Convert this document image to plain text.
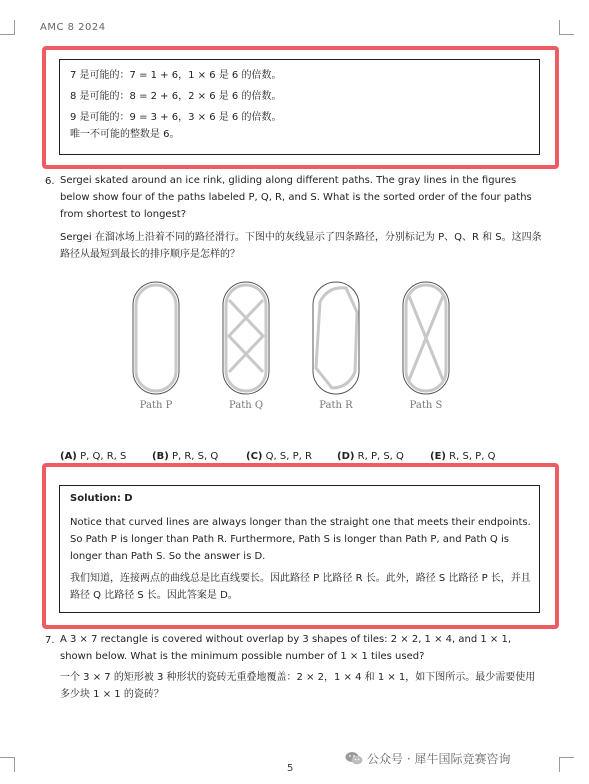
AMC 8 2024
7 是可能的：7 = 1 + 6，1 × 6 是 6 的倍数。
8 是可能的：8 = 2 + 6，2 × 6 是 6 的倍数。
9 是可能的：9 = 3 + 6，3 × 6 是 6 的倍数。
唯一不可能的整数是 6。
6. Sergei skated around an ice rink, gliding along different paths. The gray lines in the figures below show four of the paths labeled P, Q, R, and S. What is the sorted order of the four paths from shortest to longest?
Sergei 在溜冰场上沿着不同的路径滑行。下图中的灰线显示了四条路径，分别标记为 P、Q、R 和 S。这四条路径从最短到最长的排序顺序是怎样的？
Path P	Path Q	Path R	Path S
(A) P, Q, R, S	(B) P, R, S, Q	(C) Q, S, P, R	(D) R, P, S, Q	(E) R, S, P, Q
Solution: D
Notice that curved lines are always longer than the straight one that meets their endpoints. So Path P is longer than Path R. Furthermore, Path S is longer than Path P, and Path Q is longer than Path S. So the answer is D.
我们知道，连接两点的曲线总是比直线要长。因此路径 P 比路径 R 长。此外，路径 S 比路径 P 长，并且路径 Q 比路径 S 长。因此答案是 D。
7. A 3 × 7 rectangle is covered without overlap by 3 shapes of tiles: 2 × 2, 1 × 4, and 1 × 1, shown below. What is the minimum possible number of 1 × 1 tiles used?
一个 3 × 7 的矩形被 3 种形状的瓷砖无重叠地覆盖：2 × 2，1 × 4 和 1 × 1，如下图所示。最少需要使用多少块 1 × 1 的瓷砖？
5
公众号 · 犀牛国际竞赛咨询
